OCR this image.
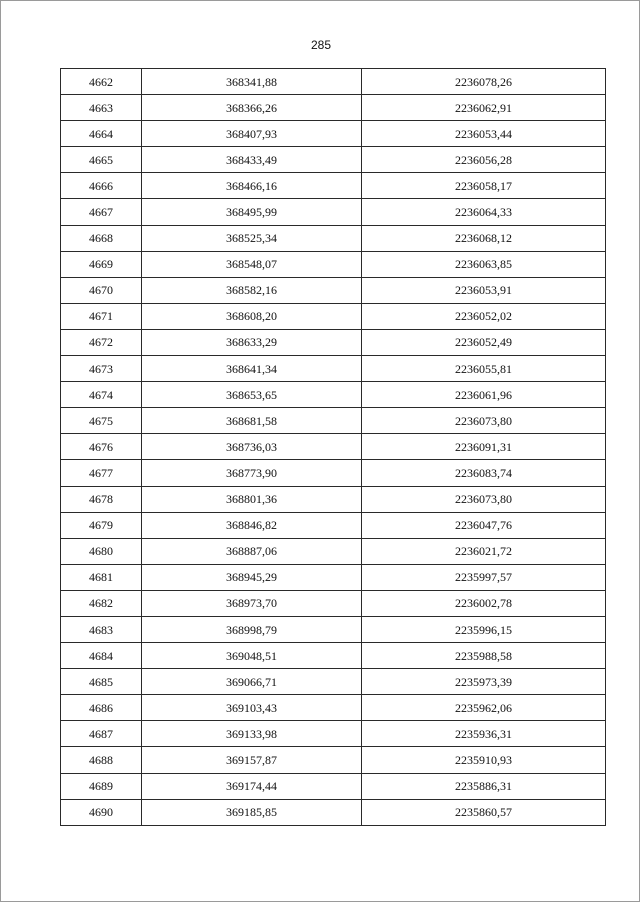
285
4662	368341,88	2236078,26
4663	368366,26	2236062,91
4664	368407,93	2236053,44
4665	368433,49	2236056,28
4666	368466,16	2236058,17
4667	368495,99	2236064,33
4668	368525,34	2236068,12
4669	368548,07	2236063,85
4670	368582,16	2236053,91
4671	368608,20	2236052,02
4672	368633,29	2236052,49
4673	368641,34	2236055,81
4674	368653,65	2236061,96
4675	368681,58	2236073,80
4676	368736,03	2236091,31
4677	368773,90	2236083,74
4678	368801,36	2236073,80
4679	368846,82	2236047,76
4680	368887,06	2236021,72
4681	368945,29	2235997,57
4682	368973,70	2236002,78
4683	368998,79	2235996,15
4684	369048,51	2235988,58
4685	369066,71	2235973,39
4686	369103,43	2235962,06
4687	369133,98	2235936,31
4688	369157,87	2235910,93
4689	369174,44	2235886,31
4690	369185,85	2235860,57
